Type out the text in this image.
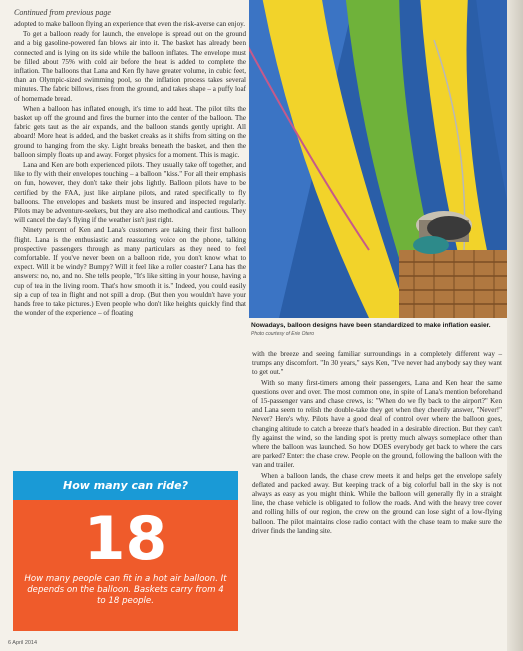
Continued from previous page

adopted to make balloon flying an experience that even the risk-averse can enjoy.

To get a balloon ready for launch, the envelope is spread out on the ground and a big gasoline-powered fan blows air into it. The basket has already been connected and is lying on its side while the balloon inflates. The envelope must be filled about 75% with cold air before the heat is added to complete the inflation. The balloons that Lana and Ken fly have greater volume, in cubic feet, than an Olympic-sized swimming pool, so the inflation process takes several minutes. The fabric billows, rises from the ground, and takes shape – a puffy loaf of homemade bread.

When a balloon has inflated enough, it's time to add heat. The pilot tilts the basket up off the ground and fires the burner into the center of the balloon. The fabric gets taut as the air expands, and the balloon stands gently upright. All aboard! More heat is added, and the basket creaks as it shifts from sitting on the ground to hanging from the sky. Light breaks beneath the basket, and then the balloon simply floats up and away. Forget physics for a moment. This is magic.

Lana and Ken are both experienced pilots. They usually take off together, and like to fly with their envelopes touching – a balloon "kiss." For all their emphasis on fun, however, they don't take their jobs lightly. Balloon pilots have to be certified by the FAA, just like airplane pilots, and rated specifically to fly balloons. The envelopes and baskets must be insured and inspected regularly. Pilots may be adventure-seekers, but they are also methodical and cautious. They will cancel the day's flying if the weather isn't just right.

Ninety percent of Ken and Lana's customers are taking their first balloon flight. Lana is the enthusiastic and reassuring voice on the phone, talking prospective passengers through as many particulars as they need to feel comfortable. If you've never been on a balloon ride, you don't know what to expect. Will it be windy? Bumpy? Will it feel like a roller coaster? Lana has the answers: no, no, and no. She tells people, "It's like sitting in your house, having a cup of tea in the living room. That's how smooth it is." Indeed, you could easily sip a cup of tea in flight and not spill a drop. (But then you wouldn't have your hands free to take pictures.) Even people who don't like heights quickly find that the wonder of the experience – of floating

Nowadays, balloon designs have been standardized to make inflation easier.
Photo courtesy of Erie Otero

with the breeze and seeing familiar surroundings in a completely different way – trumps any discomfort. "In 30 years," says Ken, "I've never had anybody say they want to get out."

With so many first-timers among their passengers, Lana and Ken hear the same questions over and over. The most common one, in spite of Lana's mention beforehand of 15-passenger vans and chase crews, is: "When do we fly back to the airport?" Ken and Lana seem to relish the double-take they get when they cheerily answer, "Never!" Never? Here's why. Pilots have a good deal of control over where the balloon goes, changing altitude to catch a breeze that's headed in a desirable direction. But they can't fly against the wind, so the landing spot is pretty much always someplace other than where the balloon was launched. So how DOES everybody get back to where the cars are parked? Enter: the chase crew. People on the ground, following the balloon with the van and trailer.

When a balloon lands, the chase crew meets it and helps get the envelope safely deflated and packed away. But keeping track of a big colorful ball in the sky is not always as easy as you might think. While the balloon will generally fly in a straight line, the chase vehicle is obligated to follow the roads. And with the heavy tree cover and rolling hills of our region, the crew on the ground can lose sight of a low-flying balloon. The pilot maintains close radio contact with the chase team to make sure the driver finds the landing site.

How many can ride?
18
How many people can fit in a hot air balloon. It depends on the balloon. Baskets carry from 4 to 18 people.
6 April 2014
